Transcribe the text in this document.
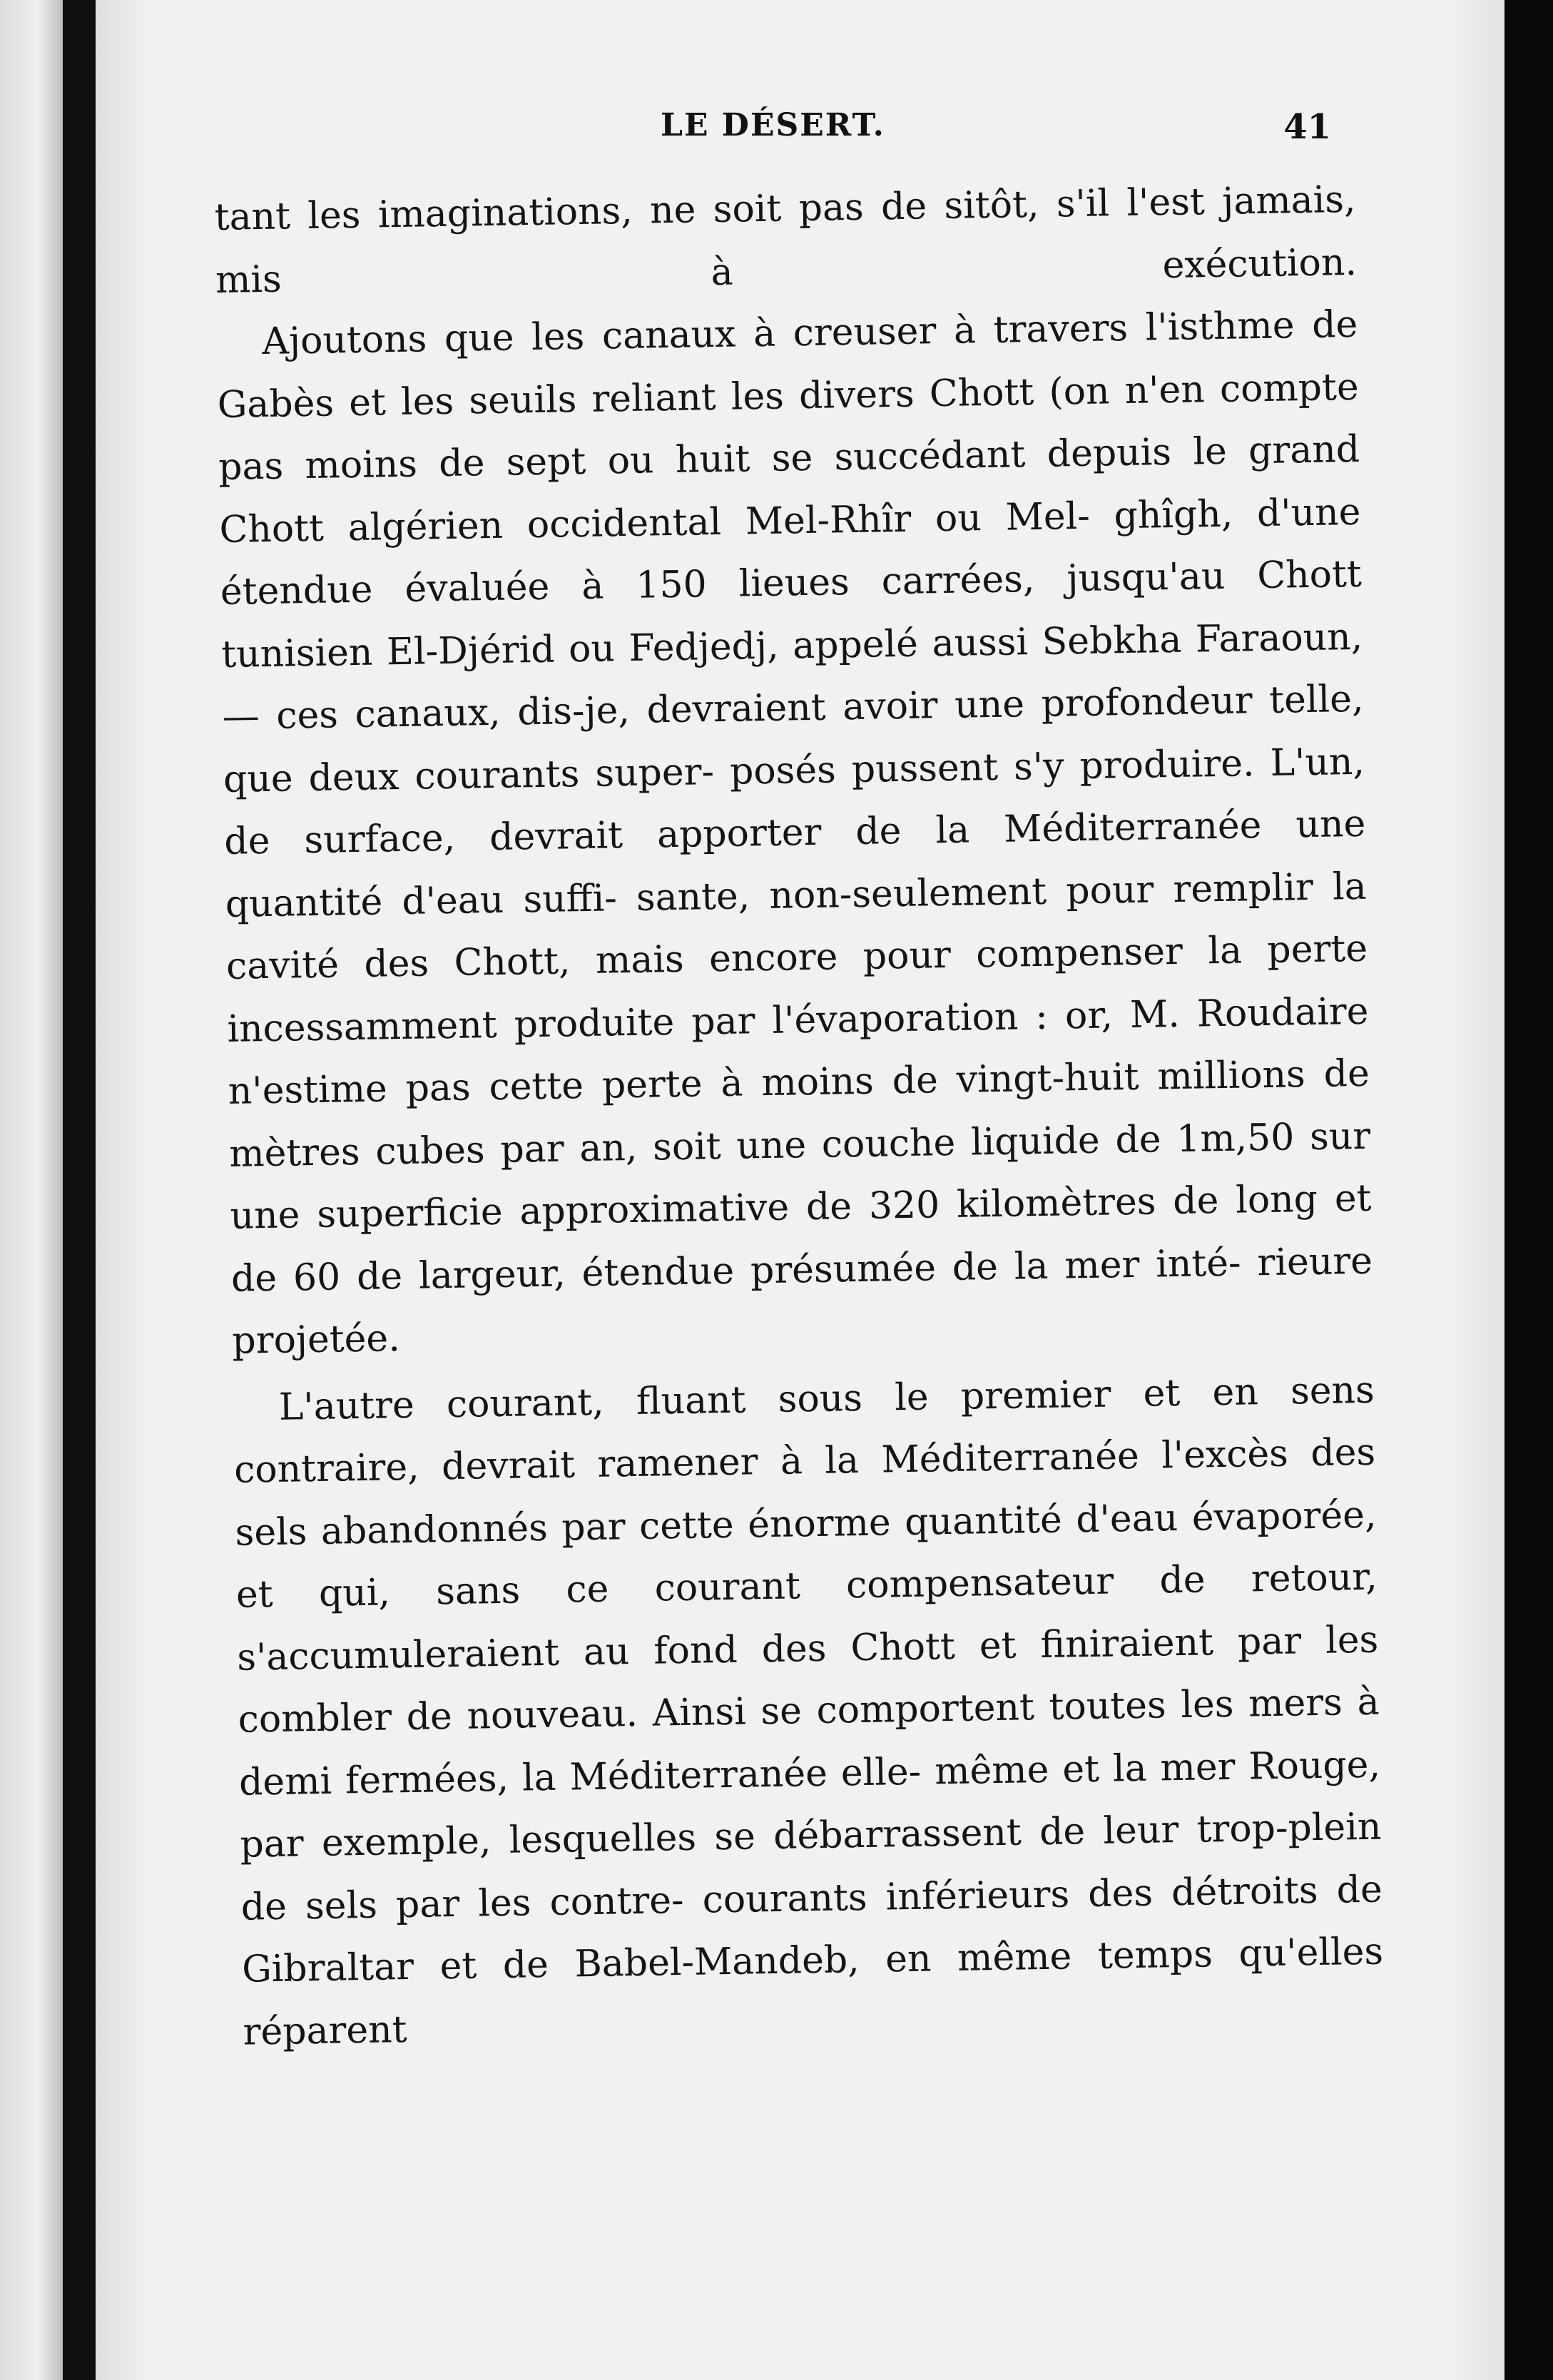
LE DÉSERT.	41

tant les imaginations, ne soit pas de sitôt, s'il l'est jamais, mis à exécution.

Ajoutons que les canaux à creuser à travers l'isthme de Gabès et les seuils reliant les divers Chott (on n'en compte pas moins de sept ou huit se succédant depuis le grand Chott algérien occidental Mel-Rhîr ou Mel- ghîgh, d'une étendue évaluée à 150 lieues carrées, jusqu'au Chott tunisien El-Djérid ou Fedjedj, appelé aussi Sebkha Faraoun, — ces canaux, dis-je, devraient avoir une profondeur telle, que deux courants super- posés pussent s'y produire. L'un, de surface, devrait apporter de la Méditerranée une quantité d'eau suffi- sante, non-seulement pour remplir la cavité des Chott, mais encore pour compenser la perte incessamment produite par l'évaporation : or, M. Roudaire n'estime pas cette perte à moins de vingt-huit millions de mètres cubes par an, soit une couche liquide de 1m,50 sur une superficie approximative de 320 kilomètres de long et de 60 de largeur, étendue présumée de la mer inté- rieure projetée.

L'autre courant, fluant sous le premier et en sens contraire, devrait ramener à la Méditerranée l'excès des sels abandonnés par cette énorme quantité d'eau évaporée, et qui, sans ce courant compensateur de retour, s'accumuleraient au fond des Chott et finiraient par les combler de nouveau. Ainsi se comportent toutes les mers à demi fermées, la Méditerranée elle- même et la mer Rouge, par exemple, lesquelles se débarrassent de leur trop-plein de sels par les contre- courants inférieurs des détroits de Gibraltar et de Babel-Mandeb, en même temps qu'elles réparent
